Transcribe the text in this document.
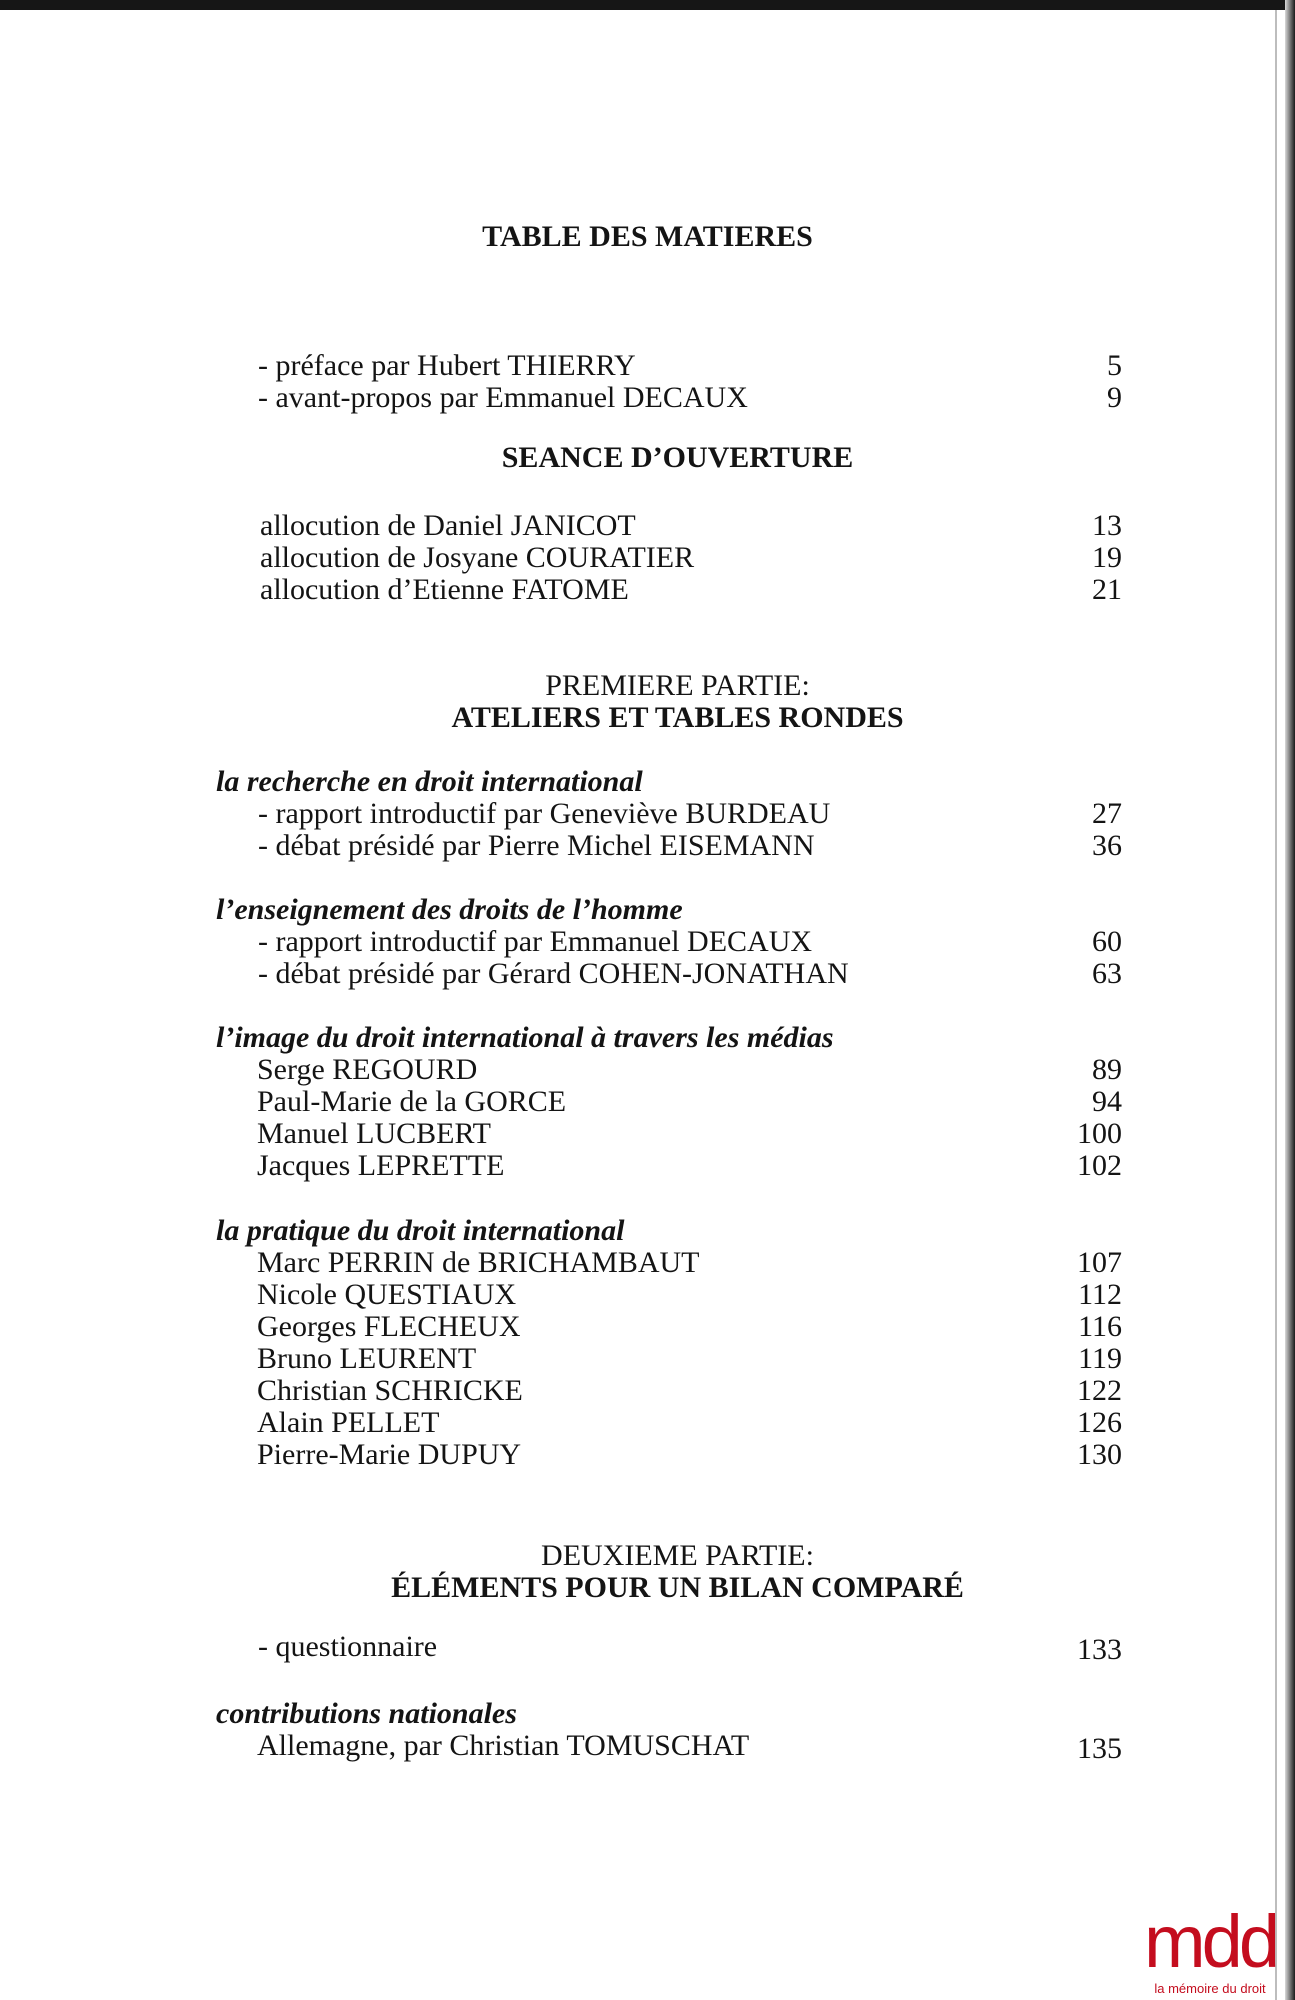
TABLE DES MATIERES
- préface par Hubert THIERRY	5
- avant-propos par Emmanuel DECAUX	9
SEANCE D’OUVERTURE
allocution de Daniel JANICOT	13
allocution de Josyane COURATIER	19
allocution d’Etienne FATOME	21
PREMIERE PARTIE:
ATELIERS ET TABLES RONDES
la recherche en droit international
- rapport introductif par Geneviève BURDEAU	27
- débat présidé par Pierre Michel EISEMANN	36
l’enseignement des droits de l’homme
- rapport introductif par Emmanuel DECAUX	60
- débat présidé par Gérard COHEN-JONATHAN	63
l’image du droit international à travers les médias
Serge REGOURD	89
Paul-Marie de la GORCE	94
Manuel LUCBERT	100
Jacques LEPRETTE	102
la pratique du droit international
Marc PERRIN de BRICHAMBAUT	107
Nicole QUESTIAUX	112
Georges FLECHEUX	116
Bruno LEURENT	119
Christian SCHRICKE	122
Alain PELLET	126
Pierre-Marie DUPUY	130
DEUXIEME PARTIE:
ÉLÉMENTS POUR UN BILAN COMPARÉ
- questionnaire	133
contributions nationales
Allemagne, par Christian TOMUSCHAT	135
mdd
la mémoire du droit
